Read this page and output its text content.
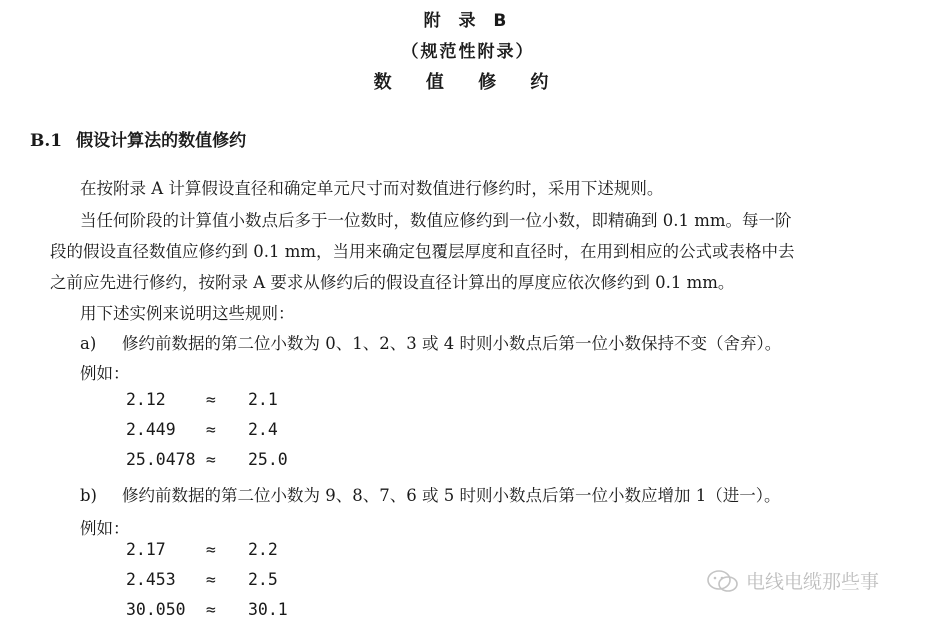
附 录 B
（规范性附录）
数 值 修 约
B.1 假设计算法的数值修约
在按附录 A 计算假设直径和确定单元尺寸而对数值进行修约时，采用下述规则。
当任何阶段的计算值小数点后多于一位数时，数值应修约到一位小数，即精确到 0.1 mm。每一阶
段的假设直径数值应修约到 0.1 mm，当用来确定包覆层厚度和直径时，在用到相应的公式或表格中去
之前应先进行修约，按附录 A 要求从修约后的假设直径计算出的厚度应依次修约到 0.1 mm。
用下述实例来说明这些规则：
a) 修约前数据的第二位小数为 0、1、2、3 或 4 时则小数点后第一位小数保持不变（舍弃）。
例如：
2.12 ≈ 2.1
2.449 ≈ 2.4
25.0478 ≈ 25.0
b) 修约前数据的第二位小数为 9、8、7、6 或 5 时则小数点后第一位小数应增加 1（进一）。
例如：
2.17 ≈ 2.2
2.453 ≈ 2.5
30.050 ≈ 30.1
电线电缆那些事
